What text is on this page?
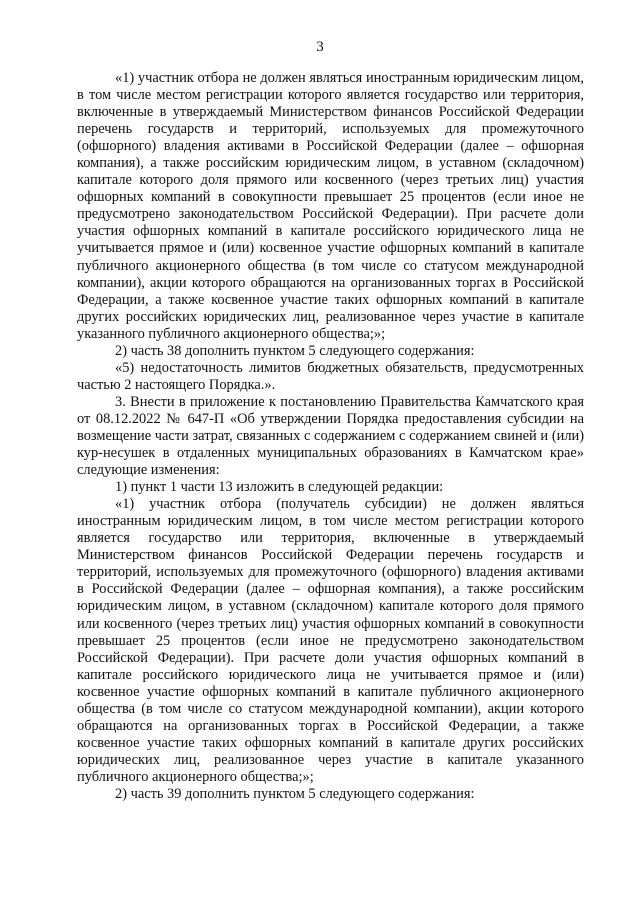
3

«1) участник отбора не должен являться иностранным юридическим лицом, в том числе местом регистрации которого является государство или территория, включенные в утверждаемый Министерством финансов Российской Федерации перечень государств и территорий, используемых для промежуточного (офшорного) владения активами в Российской Федерации (далее – офшорная компания), а также российским юридическим лицом, в уставном (складочном) капитале которого доля прямого или косвенного (через третьих лиц) участия офшорных компаний в совокупности превышает 25 процентов (если иное не предусмотрено законодательством Российской Федерации). При расчете доли участия офшорных компаний в капитале российского юридического лица не учитывается прямое и (или) косвенное участие офшорных компаний в капитале публичного акционерного общества (в том числе со статусом международной компании), акции которого обращаются на организованных торгах в Российской Федерации, а также косвенное участие таких офшорных компаний в капитале других российских юридических лиц, реализованное через участие в капитале указанного публичного акционерного общества;»;

2) часть 38 дополнить пунктом 5 следующего содержания:

«5) недостаточность лимитов бюджетных обязательств, предусмотренных частью 2 настоящего Порядка.».

3. Внести в приложение к постановлению Правительства Камчатского края от 08.12.2022 № 647-П «Об утверждении Порядка предоставления субсидии на возмещение части затрат, связанных с содержанием с содержанием свиней и (или) кур-несушек в отдаленных муниципальных образованиях в Камчатском крае» следующие изменения:

1) пункт 1 части 13 изложить в следующей редакции:

«1) участник отбора (получатель субсидии) не должен являться иностранным юридическим лицом, в том числе местом регистрации которого является государство или территория, включенные в утверждаемый Министерством финансов Российской Федерации перечень государств и территорий, используемых для промежуточного (офшорного) владения активами в Российской Федерации (далее – офшорная компания), а также российским юридическим лицом, в уставном (складочном) капитале которого доля прямого или косвенного (через третьих лиц) участия офшорных компаний в совокупности превышает 25 процентов (если иное не предусмотрено законодательством Российской Федерации). При расчете доли участия офшорных компаний в капитале российского юридического лица не учитывается прямое и (или) косвенное участие офшорных компаний в капитале публичного акционерного общества (в том числе со статусом международной компании), акции которого обращаются на организованных торгах в Российской Федерации, а также косвенное участие таких офшорных компаний в капитале других российских юридических лиц, реализованное через участие в капитале указанного публичного акционерного общества;»;

2) часть 39 дополнить пунктом 5 следующего содержания:
